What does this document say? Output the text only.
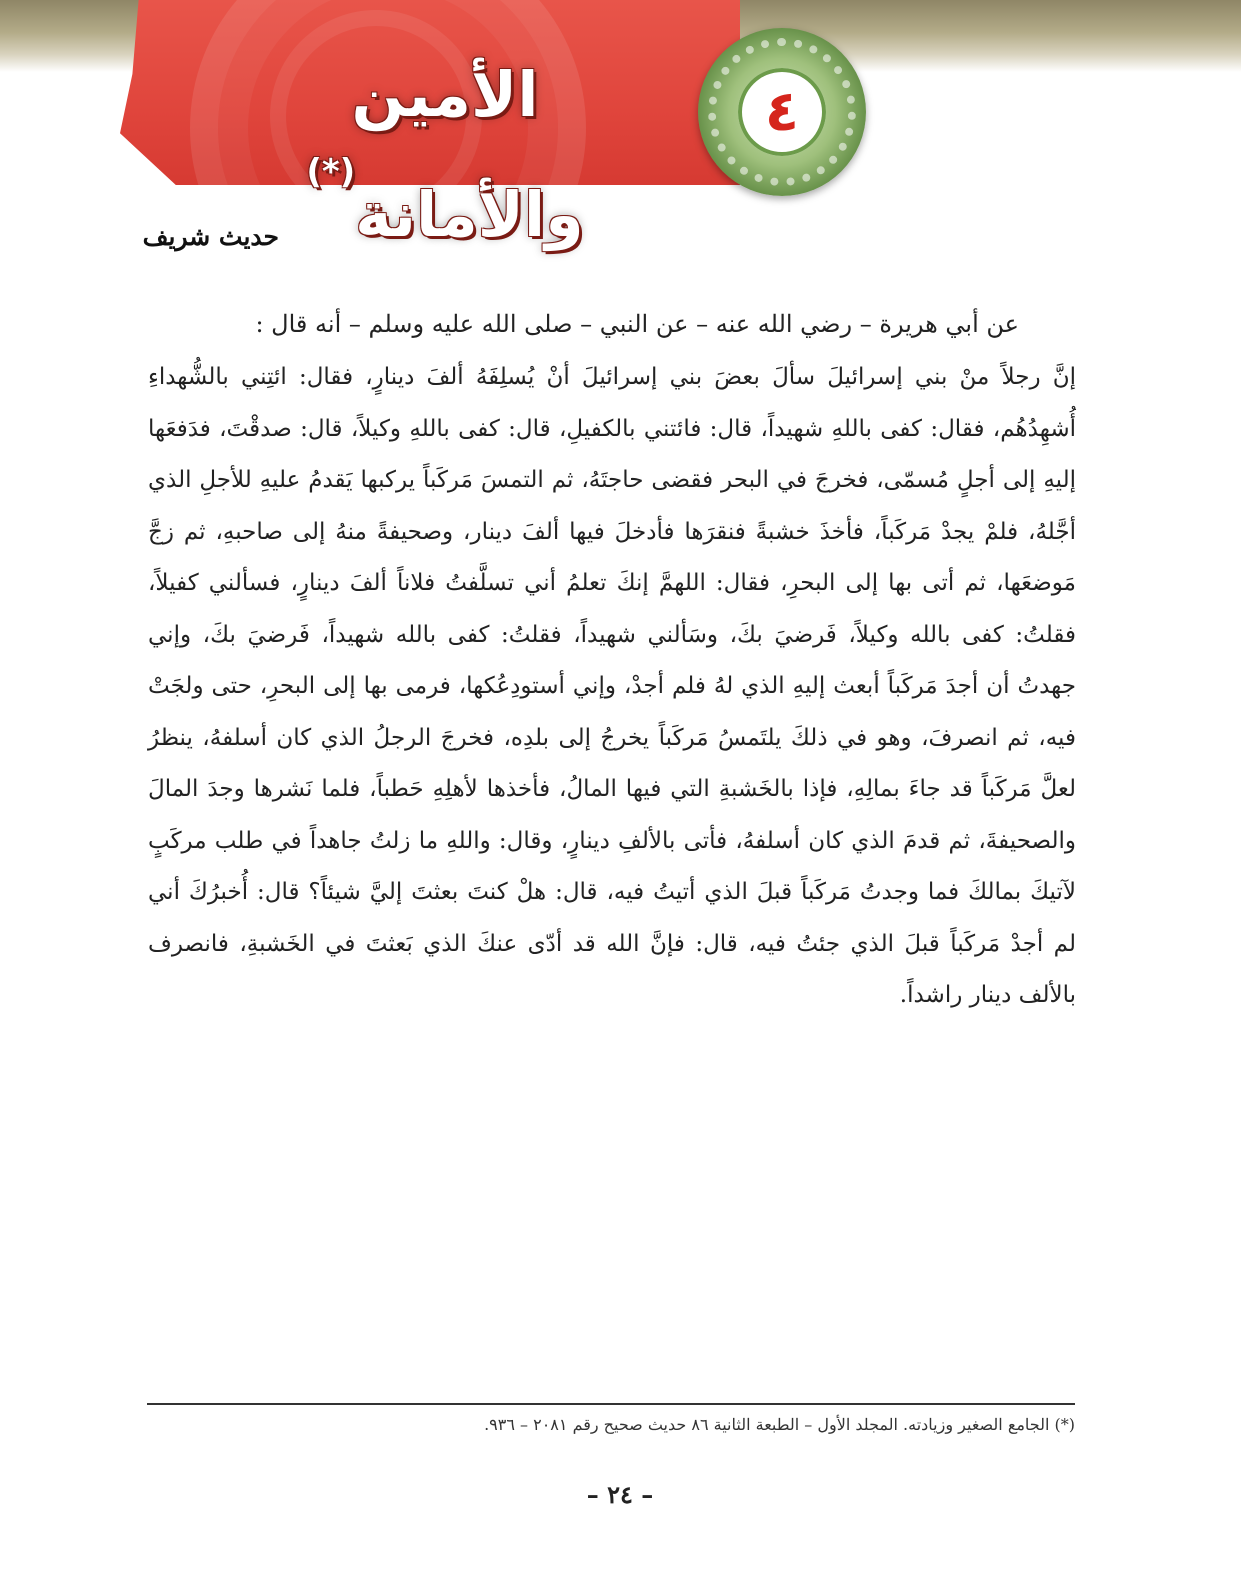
الأمين والأمانة(*)
٤
حديث شريف

عن أبي هريرة – رضي الله عنه – عن النبي – صلى الله عليه وسلم – أنه قال :

إنَّ رجلاً منْ بني إسرائيلَ سألَ بعضَ بني إسرائيلَ أنْ يُسلِفَهُ ألفَ دينارٍ، فقال: ائتِني بالشُّهداءِ أُشهِدُهُم، فقال: كفى باللهِ شهيداً، قال: فائتني بالكفيلِ، قال: كفى باللهِ وكيلاً، قال: صدقْتَ، فدَفعَها إليهِ إلى أجلٍ مُسمّى، فخرجَ في البحر فقضى حاجتَهُ، ثم التمسَ مَركَباً يركبها يَقدمُ عليهِ للأجلِ الذي أجَّلهُ، فلمْ يجدْ مَركَباً، فأخذَ خشبةً فنقرَها فأدخلَ فيها ألفَ دينار، وصحيفةً منهُ إلى صاحبهِ، ثم زجَّ مَوضعَها، ثم أتى بها إلى البحرِ، فقال: اللهمَّ إنكَ تعلمُ أني تسلَّفتُ فلاناً ألفَ دينارٍ، فسألني كفيلاً، فقلتُ: كفى بالله وكيلاً، فَرضيَ بكَ، وسَألني شهيداً، فقلتُ: كفى بالله شهيداً، فَرضيَ بكَ، وإني جهدتُ أن أجدَ مَركَباً أبعث إليهِ الذي لهُ فلم أجدْ، وإني أستودِعُكها، فرمى بها إلى البحرِ، حتى ولجَتْ فيه، ثم انصرفَ، وهو في ذلكَ يلتَمسُ مَركَباً يخرجُ إلى بلدِه، فخرجَ الرجلُ الذي كان أسلفهُ، ينظرُ لعلَّ مَركَباً قد جاءَ بمالِهِ، فإذا بالخَشبةِ التي فيها المالُ، فأخذها لأهلِهِ حَطباً، فلما نَشرها وجدَ المالَ والصحيفةَ، ثم قدمَ الذي كان أسلفهُ، فأتى بالألفِ دينارٍ، وقال: واللهِ ما زلتُ جاهداً في طلب مركَبٍ لآتيكَ بمالكَ فما وجدتُ مَركَباً قبلَ الذي أتيتُ فيه، قال: هلْ كنتَ بعثتَ إليَّ شيئاً؟ قال: أُخبرُكَ أني لم أجدْ مَركَباً قبلَ الذي جئتُ فيه، قال: فإنَّ الله قد أدّى عنكَ الذي بَعثتَ في الخَشبةِ، فانصرف بالألف دينار راشداً.

(*) الجامع الصغير وزيادته. المجلد الأول – الطبعة الثانية ٨٦ حديث صحيح رقم ٢٠٨١ – ٩٣٦.

– ٢٤ –
